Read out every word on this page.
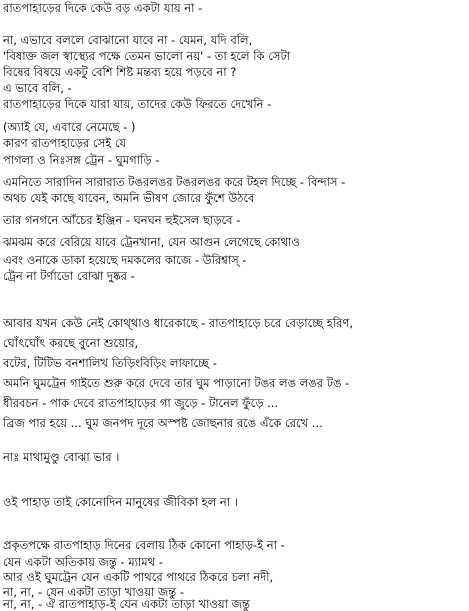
রাতপাহাড়ের দিকে কেউ বড় একটা যায় না -
না, এভাবে বললে বোঝানো যাবে না - যেমন, যদি বলি,
'বিষাক্ত জল স্বাস্থ্যের পক্ষে তেমন ভালো নয়' - তা হলে কি সেটা
বিষের বিষয়ে একটু বেশি শিষ্ট মন্তব্য হয়ে পড়বে না ?
এ ভাবে বলি, -
রাতপাহাড়ের দিকে যারা যায়, তাদের কেউ ফিরতে দেখেনি -
(অ্যাই যে, এবারে নেমেছে - )
কারণ রাতপাহাড়ের সেই যে
পাগলা ও নিঃসঙ্গ ট্রেন - ঘুমগাড়ি -
এমনিতে সারাদিন সারারাত টঙরলঙর টঙরলঙর করে টহল দিচ্ছে - বিন্দাস -
অথচ যেই কাছে যাবেন, অমনি ভীষণ জোরে ফুঁশে উঠবে
তার গনগনে আঁচের ইঞ্জিন - ঘনঘন হুইসেল ছাড়বে -
ঝমঝম করে বেরিয়ে যাবে ট্রেনখানা, যেন আগুন লেগেছে কোথাও
এবং ওনাকে ডাকা হয়েছে দমকলের কাজে - উরিশ্বাস্ -
ট্রেন না টর্ণাডো বোঝা দুষ্কর -
আবার যখন কেউ নেই কোথ্থাও ধারেকাছে - রাতপাহাড়ে চরে বেড়াচ্ছে হরিণ,
ঘোঁৎঘোঁৎ করছে বুনো শুয়োর,
বটের, টিটিভ বনশালিখ তিড়িংবিড়িং লাফাচ্ছে -
অমনি ঘুমট্রেন গাইতে শুরু করে দেবে তার ঘুম পাড়ানো টঙর লঙ লঙর টঙ -
ধীরবচন - পাক দেবে রাতপাহাড়ের গা জুড়ে - টানেল ফুঁড়ে ...
ব্রিজ পার হয়ে ... ঘুম জনপদ দূরে অস্পষ্ট জোছনার রঙে এঁকে রেখে ...
নাঃ মাথামুণ্ডু বোঝা ভার ।
ওই পাহাড় তাই কোনোদিন মানুষের জীবিকা হল না ।
প্রকৃতপক্ষে রাতপাহাড় দিনের বেলায় ঠিক কোনো পাহাড়-ই না -
যেন একটা অতিকায় জন্তু - ম্যামথ -
আর ওই ঘুমট্রেন যেন একটি পাথরে পাথরে ঠিকরে চলা নদী,
না, না, - যেন একটা তাড়া খাওয়া জন্তু -
না, না, - ঐ রাতপাহাড়-ই যেন একটা তাড়া খাওয়া জন্তু
